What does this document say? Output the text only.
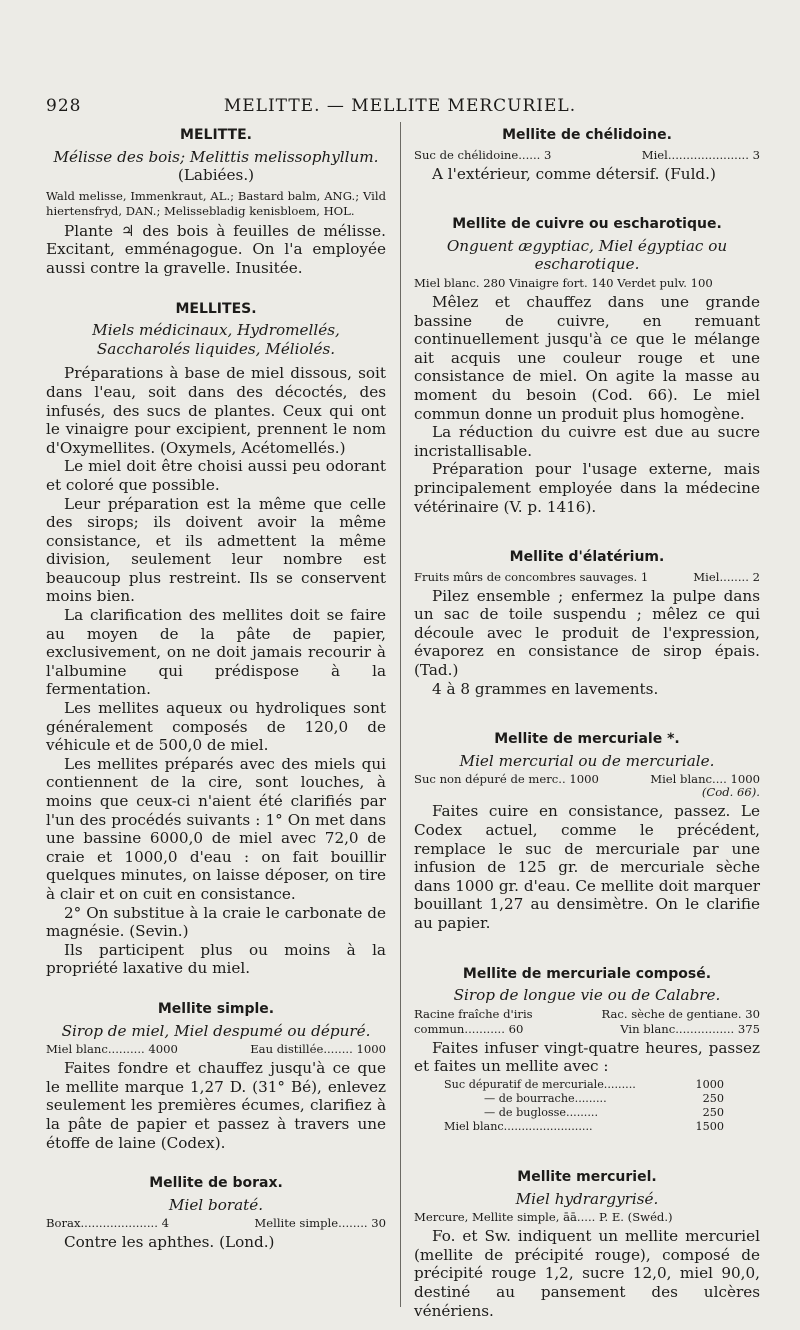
928	MELITTE. — MELLITE MERCURIEL.
MELITTE.

Mélisse des bois; Melittis melissophyllum.

(Labiées.)

Wald melisse, Immenkraut, AL.; Bastard balm, ANG.; Vild hiertensfryd, DAN.; Melissebladig kenisbloem, HOL.

Plante ♃ des bois à feuilles de mélisse. Excitant, emménagogue. On l'a employée aussi contre la gravelle. Inusitée.

MELLITES.

Miels médicinaux, Hydromellés, Saccharolés liquides, Méliolés.

Préparations à base de miel dissous, soit dans l'eau, soit dans des décoctés, des infusés, des sucs de plantes. Ceux qui ont le vinaigre pour excipient, prennent le nom d'Oxymellites. (Oxymels, Acétomellés.)

Le miel doit être choisi aussi peu odorant et coloré que possible.

Leur préparation est la même que celle des sirops; ils doivent avoir la même consistance, et ils admettent la même division, seulement leur nombre est beaucoup plus restreint. Ils se conservent moins bien.

La clarification des mellites doit se faire au moyen de la pâte de papier, exclusivement, on ne doit jamais recourir à l'albumine qui prédispose à la fermentation.

Les mellites aqueux ou hydroliques sont généralement composés de 120,0 de véhicule et de 500,0 de miel.

Les mellites préparés avec des miels qui contiennent de la cire, sont louches, à moins que ceux-ci n'aient été clarifiés par l'un des procédés suivants : 1° On met dans une bassine 6000,0 de miel avec 72,0 de craie et 1000,0 d'eau : on fait bouillir quelques minutes, on laisse déposer, on tire à clair et on cuit en consistance.

2° On substitue à la craie le carbonate de magnésie. (Sevin.)

Ils participent plus ou moins à la propriété laxative du miel.

Mellite simple.

Sirop de miel, Miel despumé ou dépuré.

Miel blanc.......... 4000	Eau distillée........ 1000

Faites fondre et chauffez jusqu'à ce que le mellite marque 1,27 D. (31° Bé), enlevez seulement les premières écumes, clarifiez à la pâte de papier et passez à travers une étoffe de laine (Codex).

Mellite de borax.

Miel boraté.

Borax..................... 4	Mellite simple........ 30

Contre les aphthes. (Lond.)

Mellite de chélidoine.
Suc de chélidoine...... 3	Miel...................... 3

A l'extérieur, comme détersif. (Fuld.)

Mellite de cuivre ou escharotique.

Onguent ægyptiac, Miel égyptiac ou escharotique.

Miel blanc. 280 Vinaigre fort. 140 Verdet pulv. 100

Mêlez et chauffez dans une grande bassine de cuivre, en remuant continuellement jusqu'à ce que le mélange ait acquis une couleur rouge et une consistance de miel. On agite la masse au moment du besoin (Cod. 66). Le miel commun donne un produit plus homogène.

La réduction du cuivre est due au sucre incristallisable.

Préparation pour l'usage externe, mais principalement employée dans la médecine vétérinaire (V. p. 1416).

Mellite d'élatérium.
Fruits mûrs de concombres sauvages. 1	Miel........ 2

Pilez ensemble ; enfermez la pulpe dans un sac de toile suspendu ; mêlez ce qui découle avec le produit de l'expression, évaporez en consistance de sirop épais. (Tad.)

4 à 8 grammes en lavements.

Mellite de mercuriale *.

Miel mercurial ou de mercuriale.

Suc non dépuré de merc.. 1000	Miel blanc.... 1000
(Cod. 66).

Faites cuire en consistance, passez. Le Codex actuel, comme le précédent, remplace le suc de mercuriale par une infusion de 125 gr. de mercuriale sèche dans 1000 gr. d'eau. Ce mellite doit marquer bouillant 1,27 au densimètre. On le clarifie au papier.

Mellite de mercuriale composé.

Sirop de longue vie ou de Calabre.

Racine fraîche d'iris	Rac. sèche de gentiane. 30
commun........... 60	Vin blanc................ 375

Faites infuser vingt-quatre heures, passez et faites un mellite avec :

Suc dépuratif de mercuriale.........	1000
— de bourrache.........	250
— de buglosse.........	250
Miel blanc.........................	1500
Mellite mercuriel.

Miel hydrargyrisé.

Mercure, Mellite simple, āā..... P. E. (Swéd.)

Fo. et Sw. indiquent un mellite mercuriel (mellite de précipité rouge), composé de précipité rouge 1,2, sucre 12,0, miel 90,0, destiné au pansement des ulcères vénériens.
